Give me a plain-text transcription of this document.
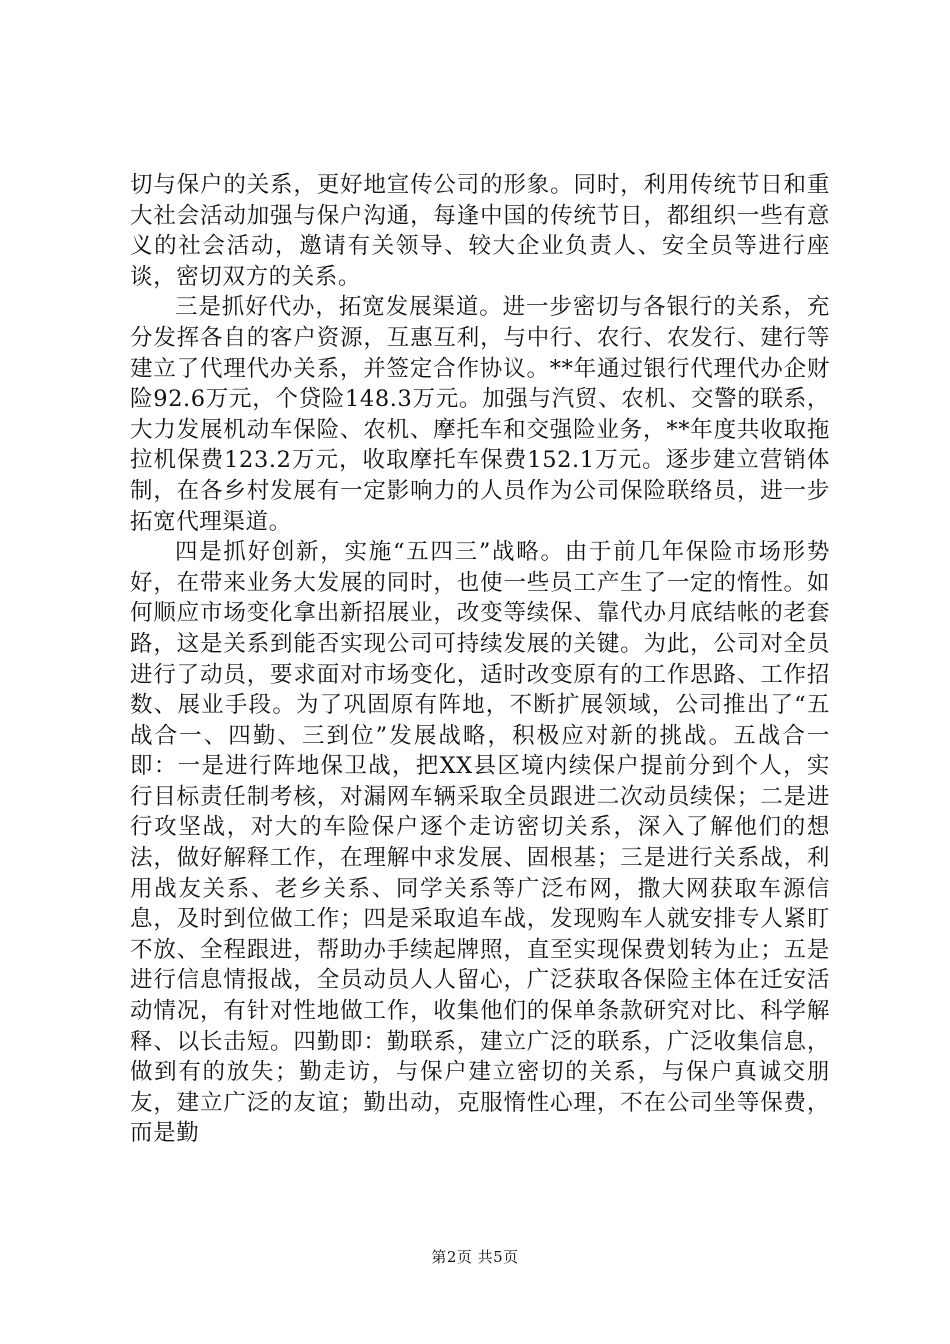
切与保户的关系，更好地宣传公司的形象。同时，利用传统节日和重大社会活动加强与保户沟通，每逢中国的传统节日，都组织一些有意义的社会活动，邀请有关领导、较大企业负责人、安全员等进行座谈，密切双方的关系。

三是抓好代办，拓宽发展渠道。进一步密切与各银行的关系，充分发挥各自的客户资源，互惠互利，与中行、农行、农发行、建行等建立了代理代办关系，并签定合作协议。**年通过银行代理代办企财险92.6万元，个贷险148.3万元。加强与汽贸、农机、交警的联系，大力发展机动车保险、农机、摩托车和交强险业务，**年度共收取拖拉机保费123.2万元，收取摩托车保费152.1万元。逐步建立营销体制，在各乡村发展有一定影响力的人员作为公司保险联络员，进一步拓宽代理渠道。

四是抓好创新，实施“五四三”战略。由于前几年保险市场形势好，在带来业务大发展的同时，也使一些员工产生了一定的惰性。如何顺应市场变化拿出新招展业，改变等续保、靠代办月底结帐的老套路，这是关系到能否实现公司可持续发展的关键。为此，公司对全员进行了动员，要求面对市场变化，适时改变原有的工作思路、工作招数、展业手段。为了巩固原有阵地，不断扩展领域，公司推出了“五战合一、四勤、三到位”发展战略，积极应对新的挑战。五战合一即：一是进行阵地保卫战，把XX县区境内续保户提前分到个人，实行目标责任制考核，对漏网车辆采取全员跟进二次动员续保；二是进行攻坚战，对大的车险保户逐个走访密切关系，深入了解他们的想法，做好解释工作，在理解中求发展、固根基；三是进行关系战，利用战友关系、老乡关系、同学关系等广泛布网，撒大网获取车源信息，及时到位做工作；四是采取追车战，发现购车人就安排专人紧盯不放、全程跟进，帮助办手续起牌照，直至实现保费划转为止；五是进行信息情报战，全员动员人人留心，广泛获取各保险主体在迁安活动情况，有针对性地做工作，收集他们的保单条款研究对比、科学解释、以长击短。四勤即：勤联系，建立广泛的联系，广泛收集信息，做到有的放失；勤走访，与保户建立密切的关系，与保户真诚交朋友，建立广泛的友谊；勤出动，克服惰性心理，不在公司坐等保费，而是勤

第2页 共5页
